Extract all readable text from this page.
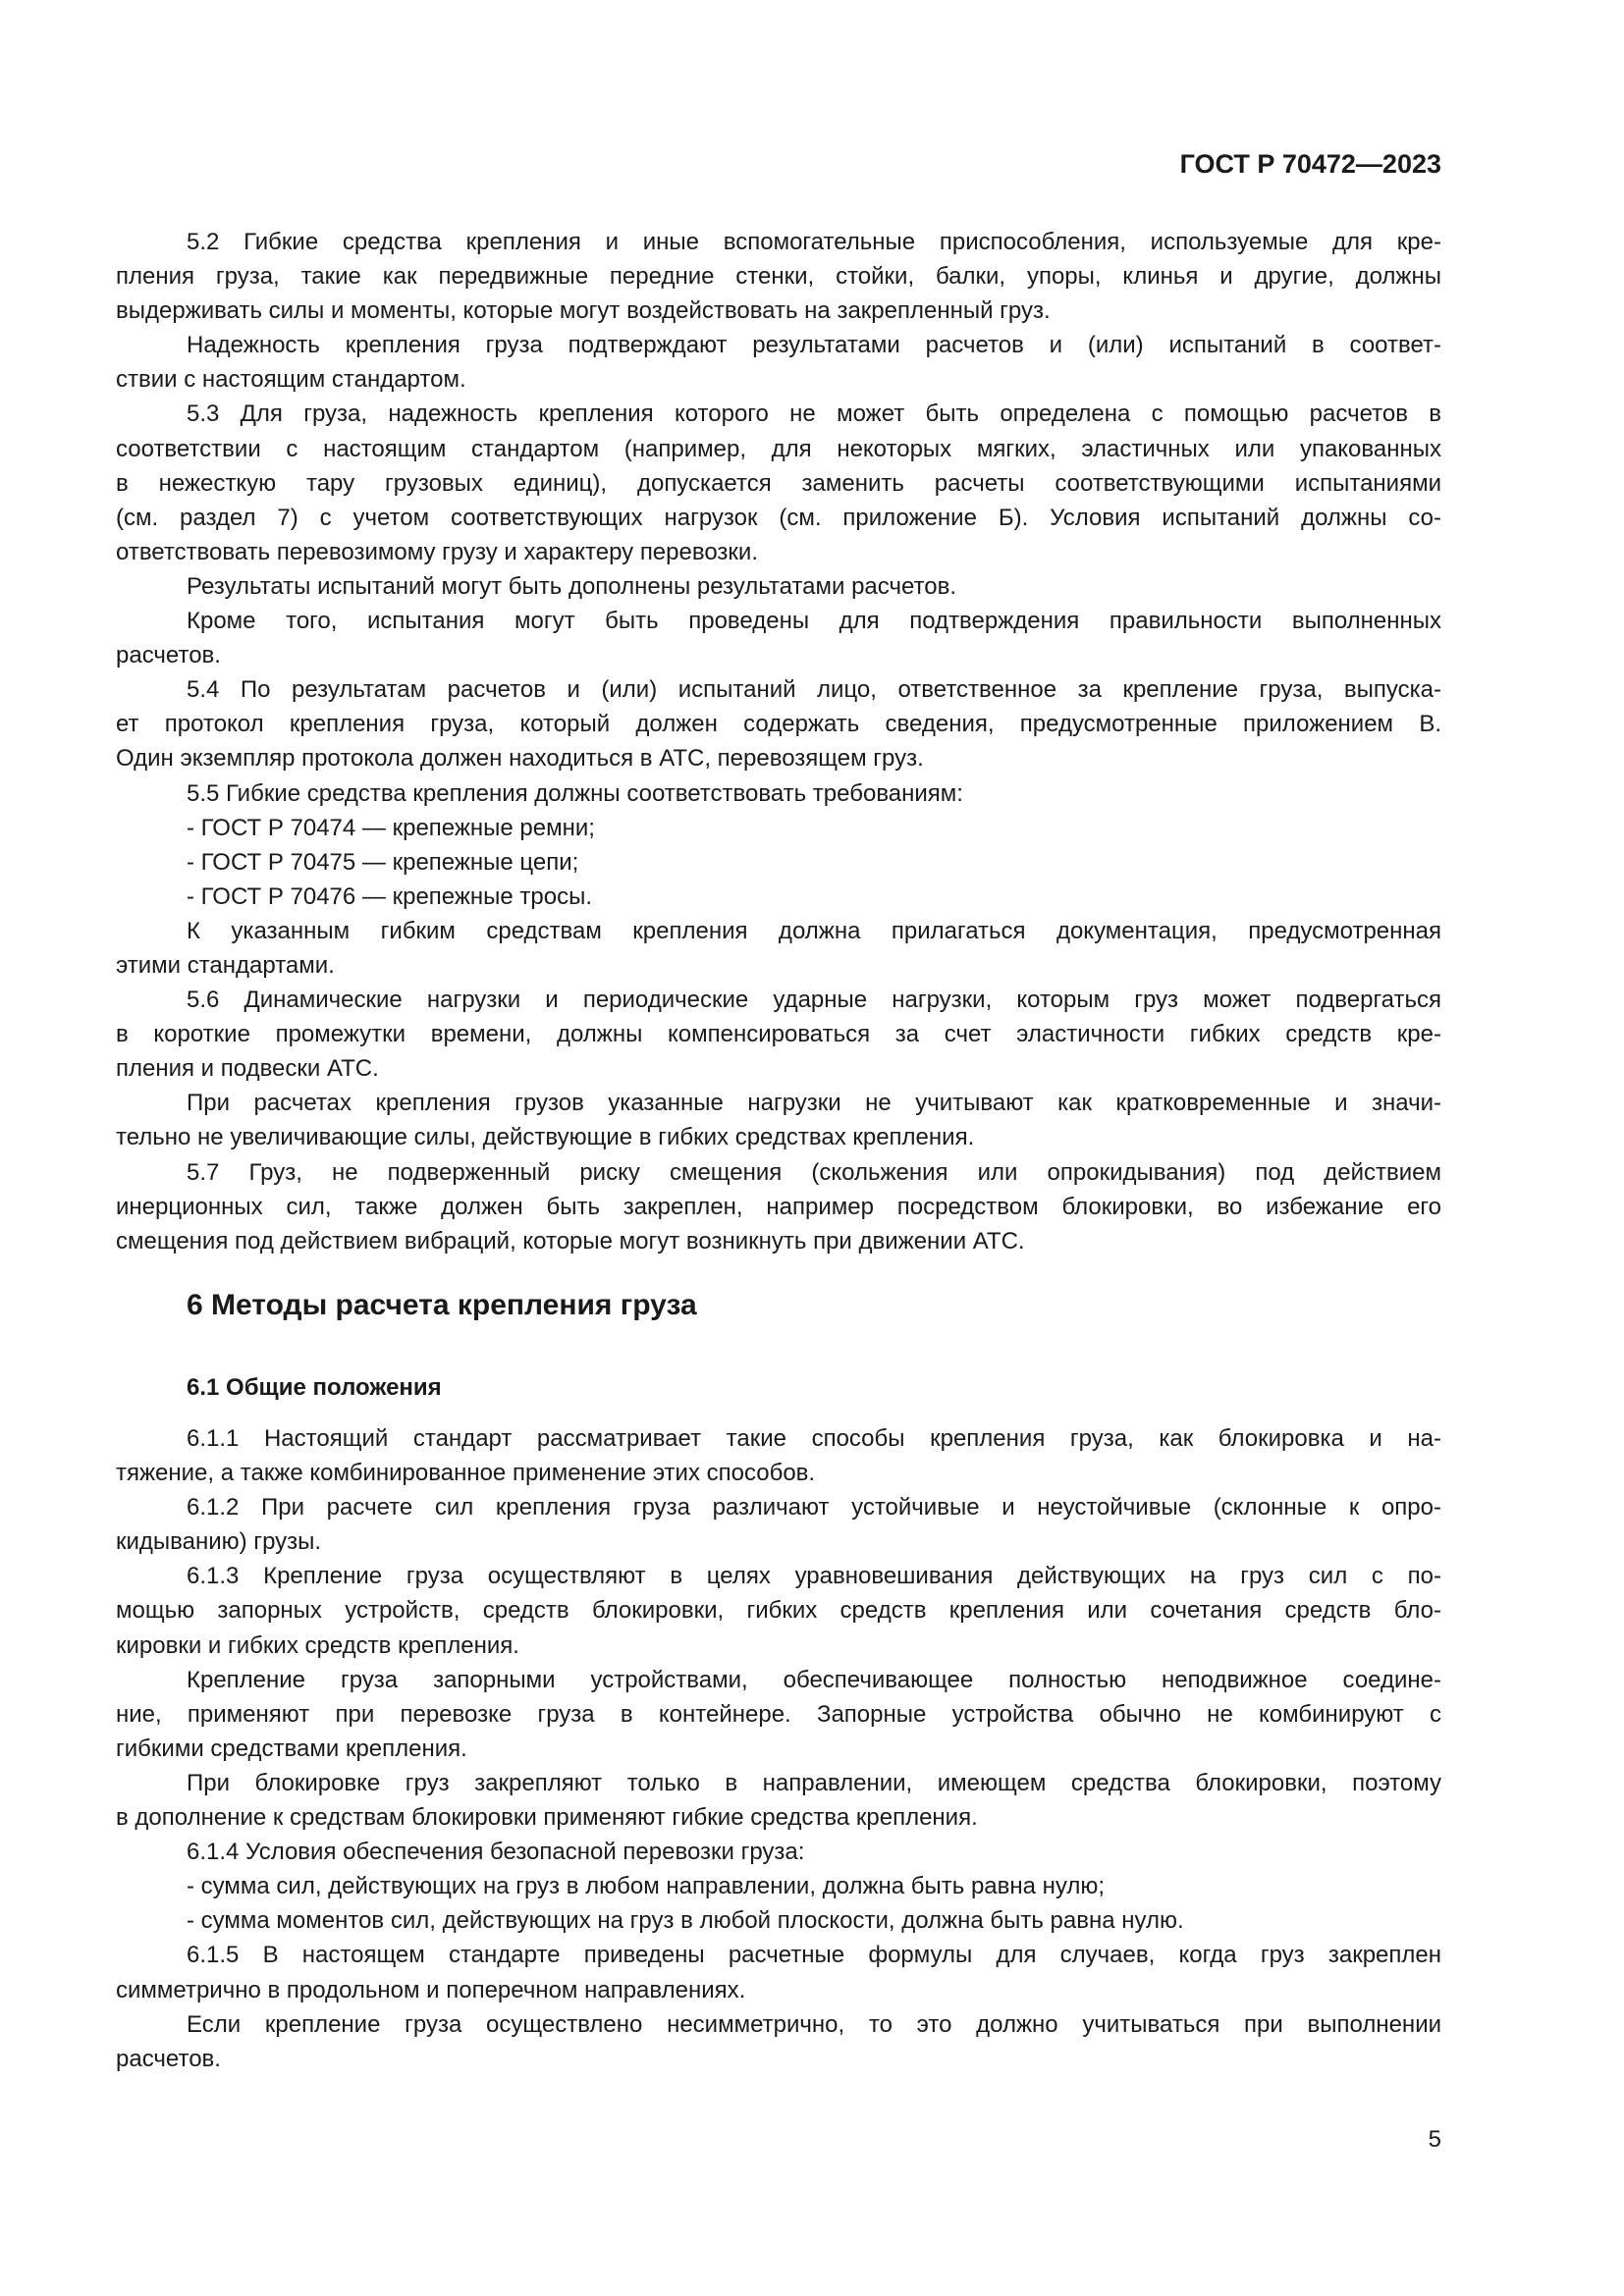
ГОСТ Р 70472—2023
5.2 Гибкие средства крепления и иные вспомогательные приспособления, используемые для кре-
пления груза, такие как передвижные передние стенки, стойки, балки, упоры, клинья и другие, должны
выдерживать силы и моменты, которые могут воздействовать на закрепленный груз.
Надежность крепления груза подтверждают результатами расчетов и (или) испытаний в соответ-
ствии с настоящим стандартом.
5.3 Для груза, надежность крепления которого не может быть определена с помощью расчетов в
соответствии с настоящим стандартом (например, для некоторых мягких, эластичных или упакованных
в нежесткую тару грузовых единиц), допускается заменить расчеты соответствующими испытаниями
(см. раздел 7) с учетом соответствующих нагрузок (см. приложение Б). Условия испытаний должны со-
ответствовать перевозимому грузу и характеру перевозки.
Результаты испытаний могут быть дополнены результатами расчетов.
Кроме того, испытания могут быть проведены для подтверждения правильности выполненных
расчетов.
5.4 По результатам расчетов и (или) испытаний лицо, ответственное за крепление груза, выпуска-
ет протокол крепления груза, который должен содержать сведения, предусмотренные приложением В.
Один экземпляр протокола должен находиться в АТС, перевозящем груз.
5.5 Гибкие средства крепления должны соответствовать требованиям:
- ГОСТ Р 70474 — крепежные ремни;
- ГОСТ Р 70475 — крепежные цепи;
- ГОСТ Р 70476 — крепежные тросы.
К указанным гибким средствам крепления должна прилагаться документация, предусмотренная
этими стандартами.
5.6 Динамические нагрузки и периодические ударные нагрузки, которым груз может подвергаться
в короткие промежутки времени, должны компенсироваться за счет эластичности гибких средств кре-
пления и подвески АТС.
При расчетах крепления грузов указанные нагрузки не учитывают как кратковременные и значи-
тельно не увеличивающие силы, действующие в гибких средствах крепления.
5.7 Груз, не подверженный риску смещения (скольжения или опрокидывания) под действием
инерционных сил, также должен быть закреплен, например посредством блокировки, во избежание его
смещения под действием вибраций, которые могут возникнуть при движении АТС.
6 Методы расчета крепления груза
6.1 Общие положения
6.1.1 Настоящий стандарт рассматривает такие способы крепления груза, как блокировка и на-
тяжение, а также комбинированное применение этих способов.
6.1.2 При расчете сил крепления груза различают устойчивые и неустойчивые (склонные к опро-
кидыванию) грузы.
6.1.3 Крепление груза осуществляют в целях уравновешивания действующих на груз сил с по-
мощью запорных устройств, средств блокировки, гибких средств крепления или сочетания средств бло-
кировки и гибких средств крепления.
Крепление груза запорными устройствами, обеспечивающее полностью неподвижное соедине-
ние, применяют при перевозке груза в контейнере. Запорные устройства обычно не комбинируют с
гибкими средствами крепления.
При блокировке груз закрепляют только в направлении, имеющем средства блокировки, поэтому
в дополнение к средствам блокировки применяют гибкие средства крепления.
6.1.4 Условия обеспечения безопасной перевозки груза:
- сумма сил, действующих на груз в любом направлении, должна быть равна нулю;
- сумма моментов сил, действующих на груз в любой плоскости, должна быть равна нулю.
6.1.5 В настоящем стандарте приведены расчетные формулы для случаев, когда груз закреплен
симметрично в продольном и поперечном направлениях.
Если крепление груза осуществлено несимметрично, то это должно учитываться при выполнении
расчетов.
5
